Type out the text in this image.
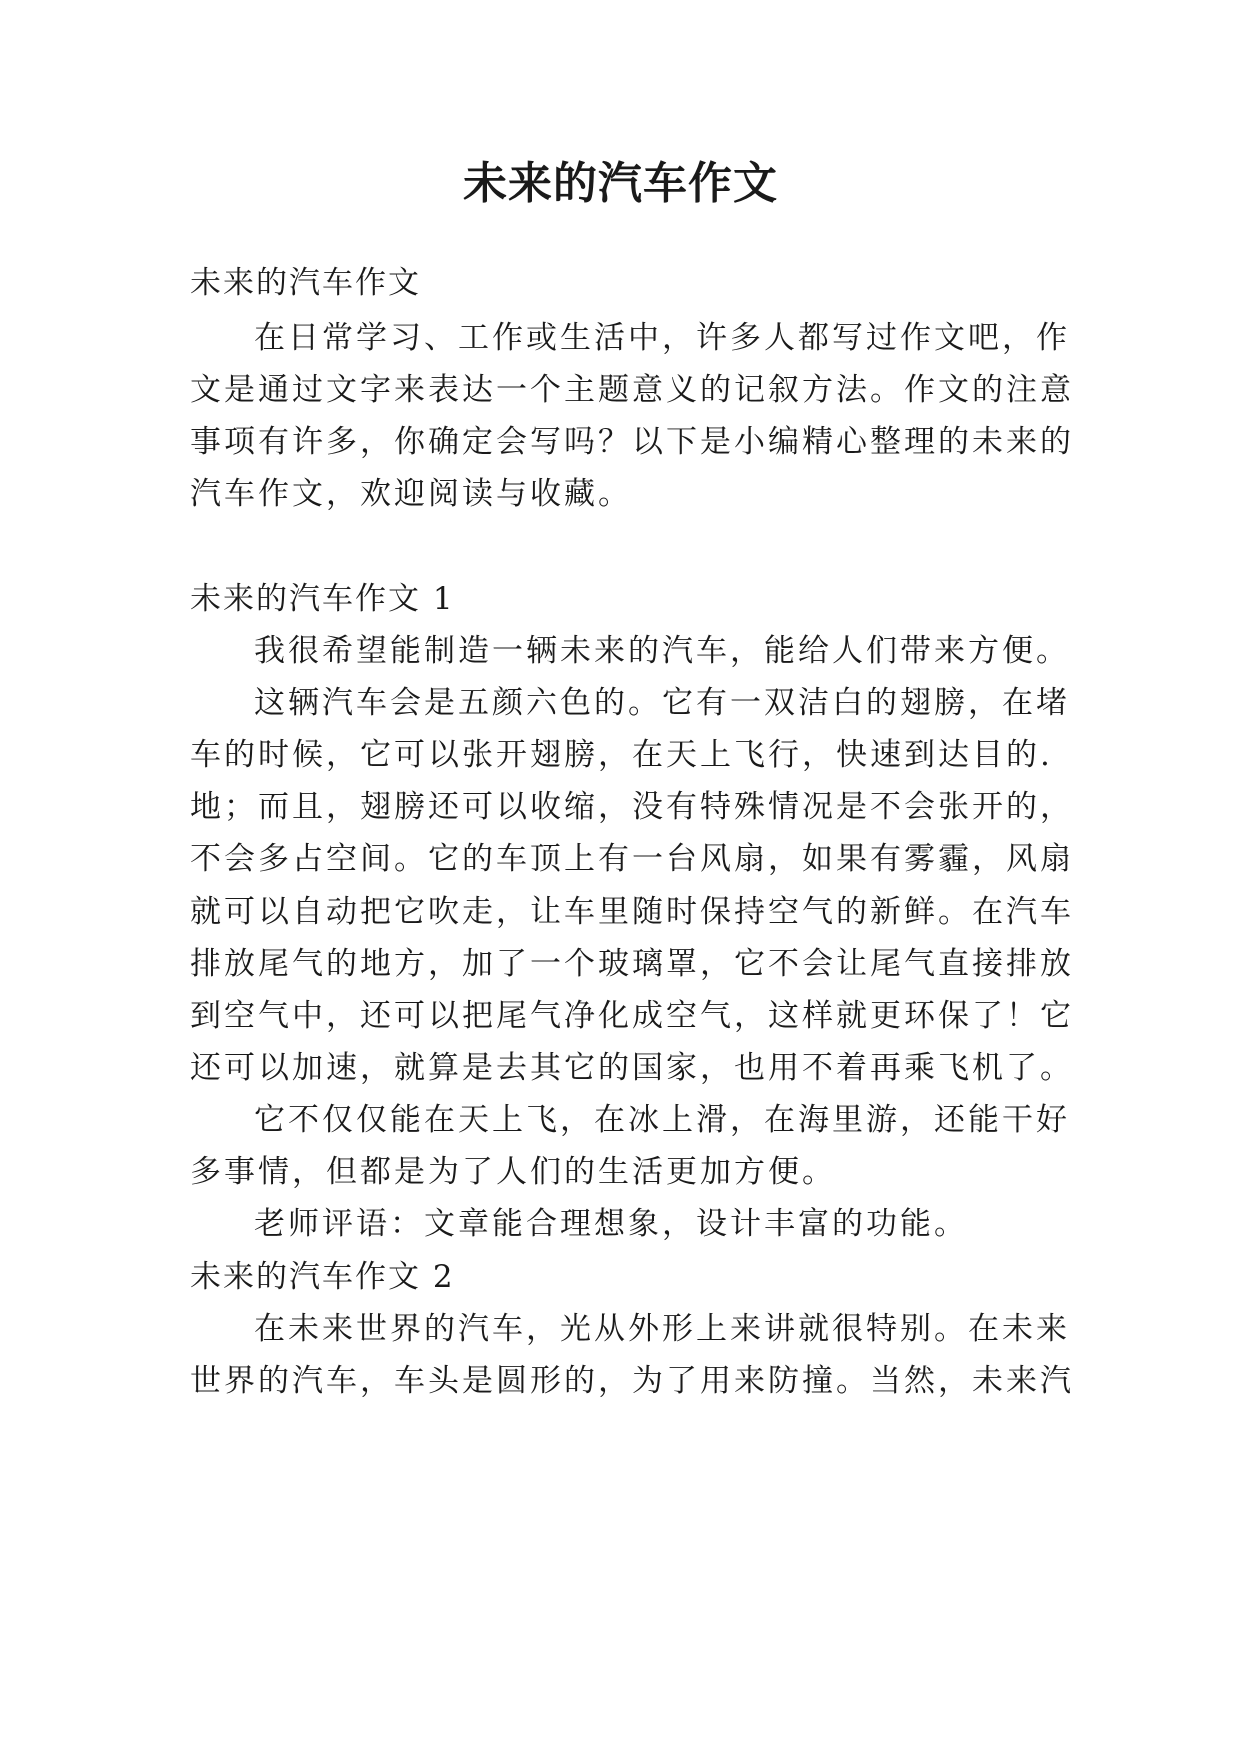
未来的汽车作文

未来的汽车作文

在日常学习、工作或生活中，许多人都写过作文吧，作

文是通过文字来表达一个主题意义的记叙方法。作文的注意

事项有许多，你确定会写吗？以下是小编精心整理的未来的

汽车作文，欢迎阅读与收藏。

未来的汽车作文 1

我很希望能制造一辆未来的汽车，能给人们带来方便。

这辆汽车会是五颜六色的。它有一双洁白的翅膀，在堵

车的时候，它可以张开翅膀，在天上飞行，快速到达目的.

地；而且，翅膀还可以收缩，没有特殊情况是不会张开的，

不会多占空间。它的车顶上有一台风扇，如果有雾霾，风扇

就可以自动把它吹走，让车里随时保持空气的新鲜。在汽车

排放尾气的地方，加了一个玻璃罩，它不会让尾气直接排放

到空气中，还可以把尾气净化成空气，这样就更环保了！它

还可以加速，就算是去其它的国家，也用不着再乘飞机了。

它不仅仅能在天上飞，在冰上滑，在海里游，还能干好

多事情，但都是为了人们的生活更加方便。

老师评语：文章能合理想象，设计丰富的功能。

未来的汽车作文 2

在未来世界的汽车，光从外形上来讲就很特别。在未来

世界的汽车，车头是圆形的，为了用来防撞。当然，未来汽
